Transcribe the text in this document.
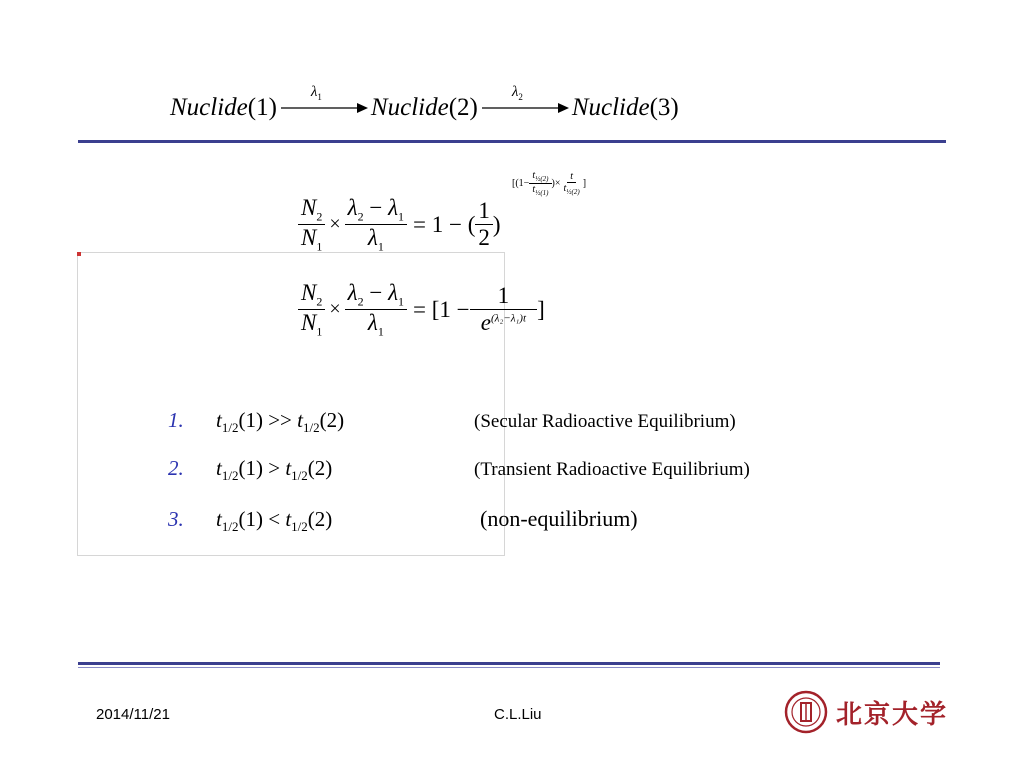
Nuclide (1)
$\lambda_1$ Nuclide (2)
$\lambda_2$ Nuclide (3)
$\frac{N_2}{N_1} \times \frac{\lambda_2 - \lambda_1}{\lambda_1} = 1$ − ( $\frac{1}{2}$ )
[($1- \frac{t_{\frac{1}{2}(2)}}{t_{\frac{1}{2}(1)}}$ )× $\frac{t}{t_{\frac{1}{2}(2)}}$ ]
$\frac{N_2}{N_1} \times \frac{\lambda_2 - \lambda_1}{\lambda_1} = [1 - \frac{1}{e^{(\lambda_2-\lambda_1)t}}$ ]
1.	$t_{1/2}(1) >> t_{1/2}(2)$	(Secular Radioactive Equilibrium)
2.	$t_{1/2}(1) > t_{1/2}(2)$	(Transient Radioactive Equilibrium)
3.	$t_{1/2}(1) < t_{1/2}(2)$	(non-equilibrium)
2014/11/21	C.L.Liu	北京大学
